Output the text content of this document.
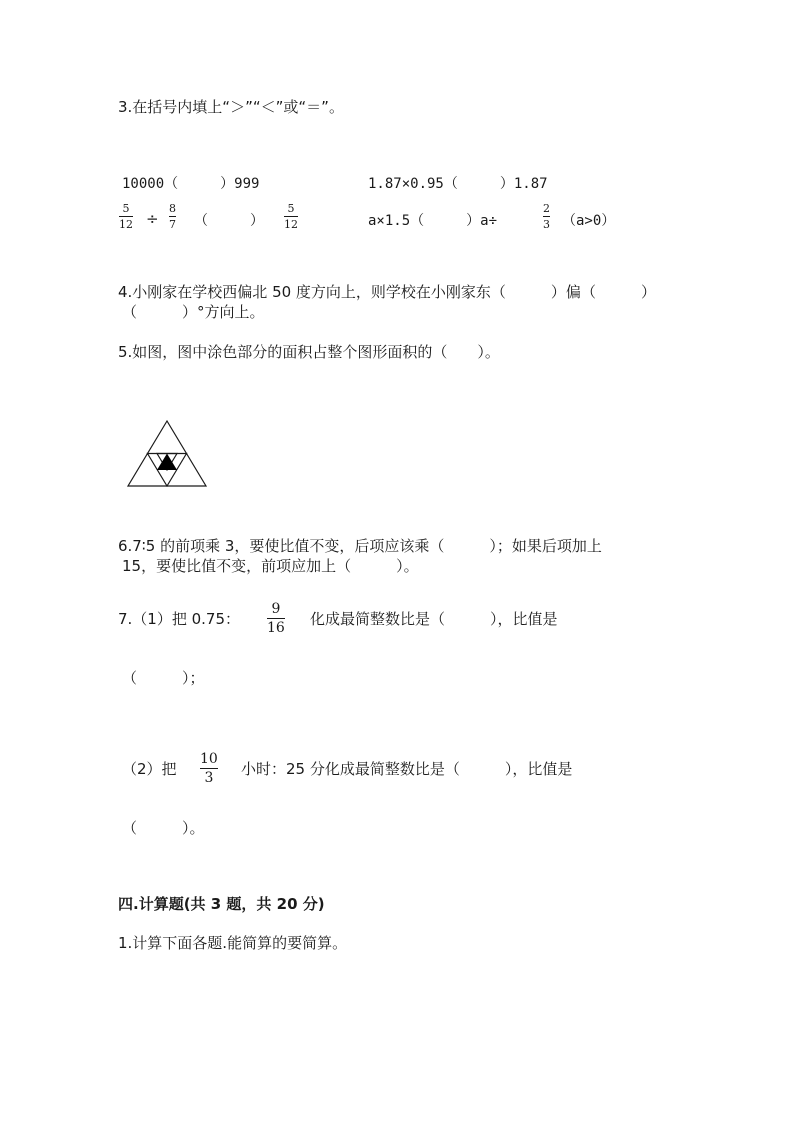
3.在括号内填上“＞”“＜”或“＝”。
10000（　　　）999	1.87×0.95（　　　）1.87
5
12 ÷
8
7 （　　　）
5
12	a×1.5（　　　）a÷
2
3 （a>0）
4.小刚家在学校西偏北 50 度方向上，则学校在小刚家东（　　　）偏（　　　）
（　　　）°方向上。
5.如图，图中涂色部分的面积占整个图形面积的（　　）。
6.7∶5 的前项乘 3，要使比值不变，后项应该乘（　　　）；如果后项加上
15，要使比值不变，前项应加上（　　　）。
7.（1）把 0.75：
9
16 化成最简整数比是（　　　），比值是
（　　　）；
（2）把
10
3 小时：25 分化成最简整数比是（　　　），比值是
（　　　）。
四.计算题(共 3 题，共 20 分)
1.计算下面各题.能简算的要简算。
